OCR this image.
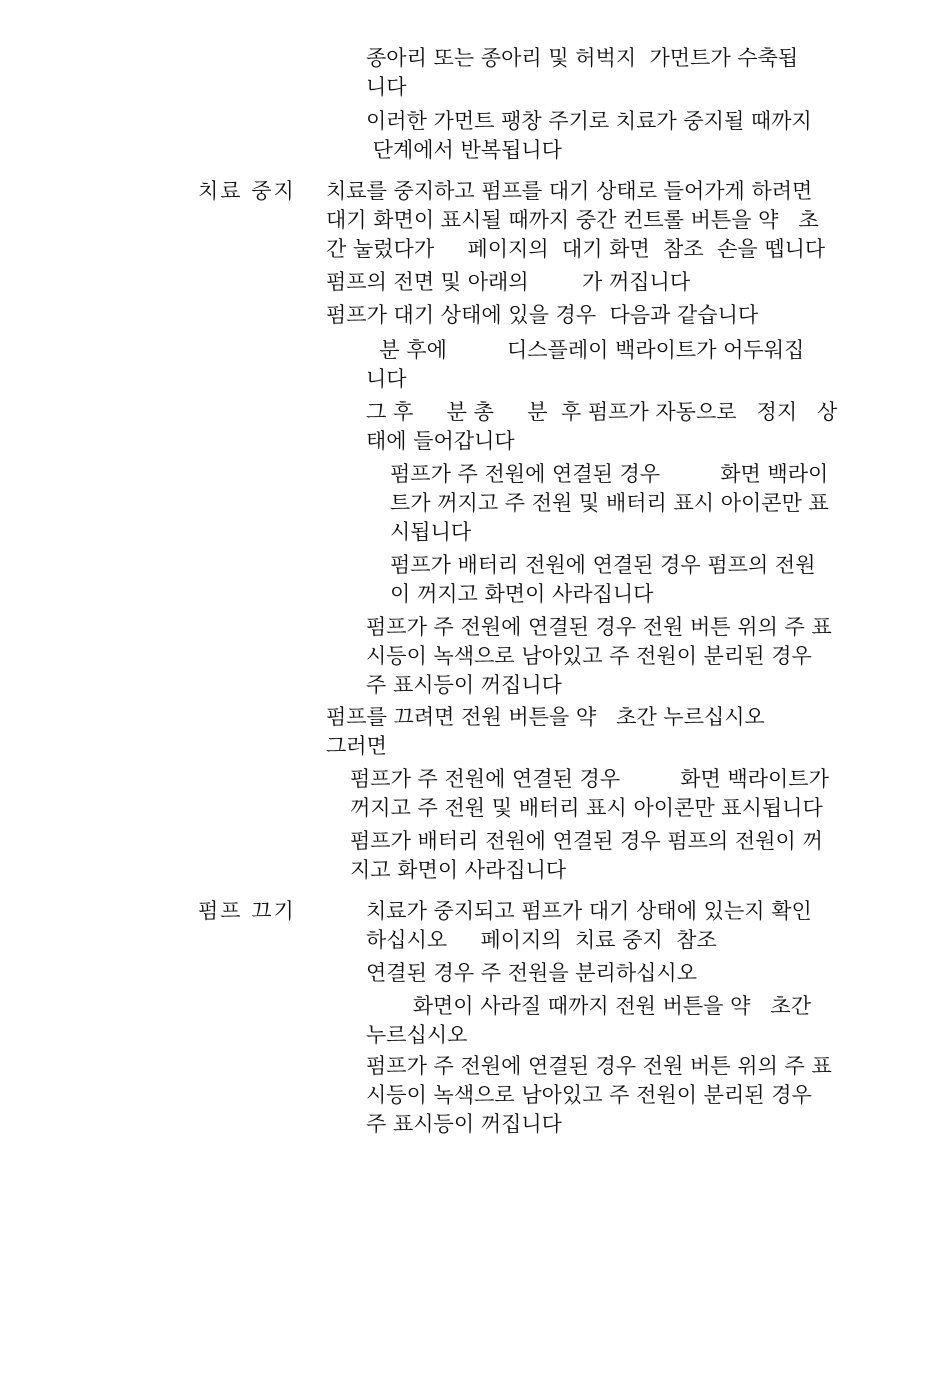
종아리 또는 종아리 및 허벅지  가먼트가 수축됩

니다

이러한 가먼트 팽창 주기로 치료가 중지될 때까지

단계에서 반복됩니다

치료 중지 치료를 중지하고 펌프를 대기 상태로 들어가게 하려면

대기 화면이 표시될 때까지 중간 컨트롤 버튼을 약   초

간 눌렀다가     페이지의  대기 화면  참조  손을 뗍니다

펌프의 전면 및 아래의        가 꺼집니다

펌프가 대기 상태에 있을 경우  다음과 같습니다

분 후에         디스플레이 백라이트가 어두워집

니다

그 후     분 총     분  후 펌프가 자동으로   정지   상

태에 들어갑니다

펌프가 주 전원에 연결된 경우         화면 백라이

트가 꺼지고 주 전원 및 배터리 표시 아이콘만 표

시됩니다

펌프가 배터리 전원에 연결된 경우 펌프의 전원

이 꺼지고 화면이 사라집니다

펌프가 주 전원에 연결된 경우 전원 버튼 위의 주 표

시등이 녹색으로 남아있고 주 전원이 분리된 경우

주 표시등이 꺼집니다

펌프를 끄려면 전원 버튼을 약   초간 누르십시오

그러면

펌프가 주 전원에 연결된 경우         화면 백라이트가

꺼지고 주 전원 및 배터리 표시 아이콘만 표시됩니다

펌프가 배터리 전원에 연결된 경우 펌프의 전원이 꺼

지고 화면이 사라집니다

펌프 끄기	치료가 중지되고 펌프가 대기 상태에 있는지 확인

하십시오     페이지의  치료 중지  참조

연결된 경우 주 전원을 분리하십시오

화면이 사라질 때까지 전원 버튼을 약   초간

누르십시오

펌프가 주 전원에 연결된 경우 전원 버튼 위의 주 표

시등이 녹색으로 남아있고 주 전원이 분리된 경우

주 표시등이 꺼집니다
